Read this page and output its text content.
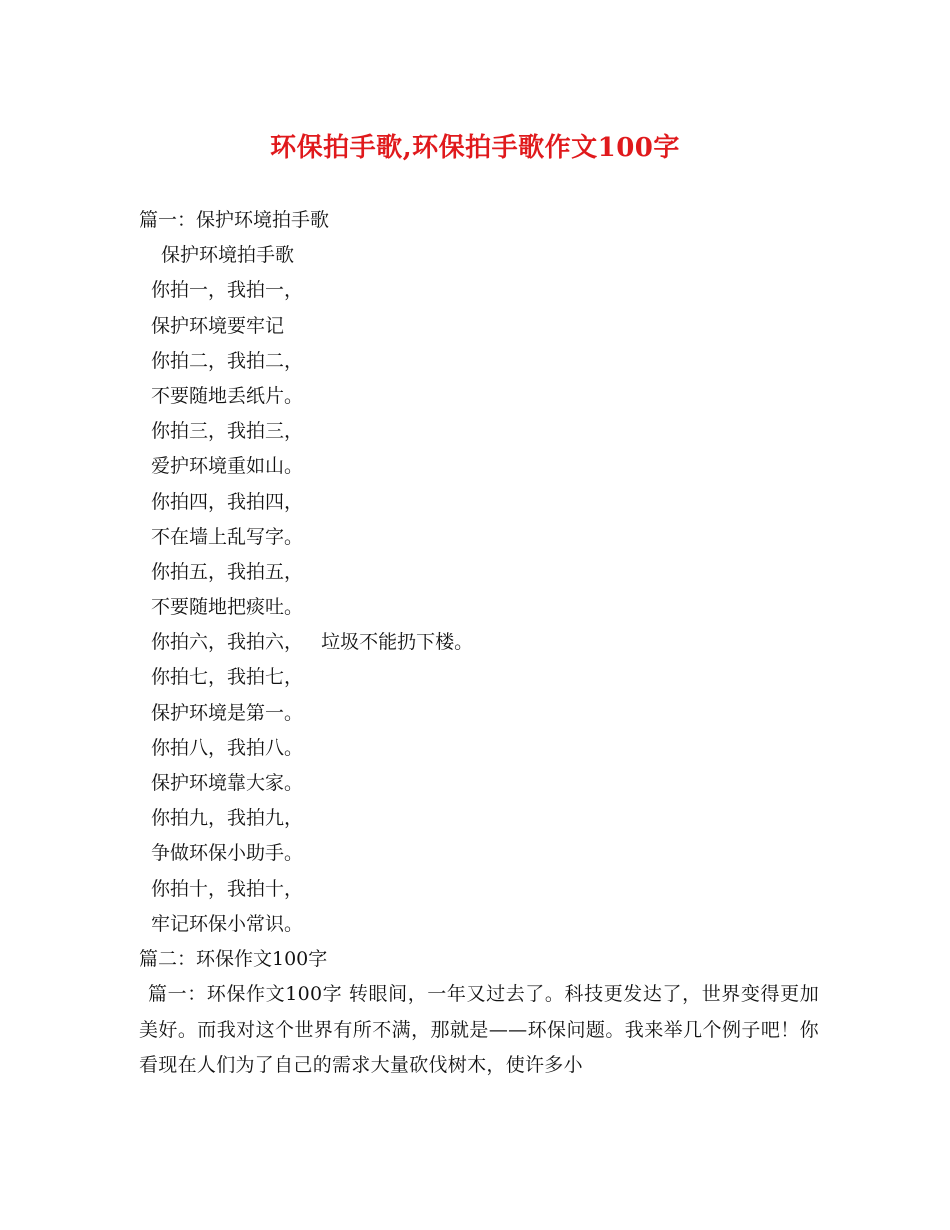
环保拍手歌,环保拍手歌作文100字
篇一：保护环境拍手歌
保护环境拍手歌
你拍一，我拍一，
保护环境要牢记
你拍二，我拍二，
不要随地丢纸片。
你拍三，我拍三，
爱护环境重如山。
你拍四，我拍四，
不在墙上乱写字。
你拍五，我拍五，
不要随地把痰吐。
你拍六，我拍六，   垃圾不能扔下楼。
你拍七，我拍七，
保护环境是第一。
你拍八，我拍八。
保护环境靠大家。
你拍九，我拍九，
争做环保小助手。
你拍十，我拍十，
牢记环保小常识。
篇二：环保作文100字
篇一：环保作文100字 转眼间，一年又过去了。科技更发达了，世界变得更加美好。而我对这个世界有所不满，那就是——环保问题。我来举几个例子吧！你看现在人们为了自己的需求大量砍伐树木，使许多小
